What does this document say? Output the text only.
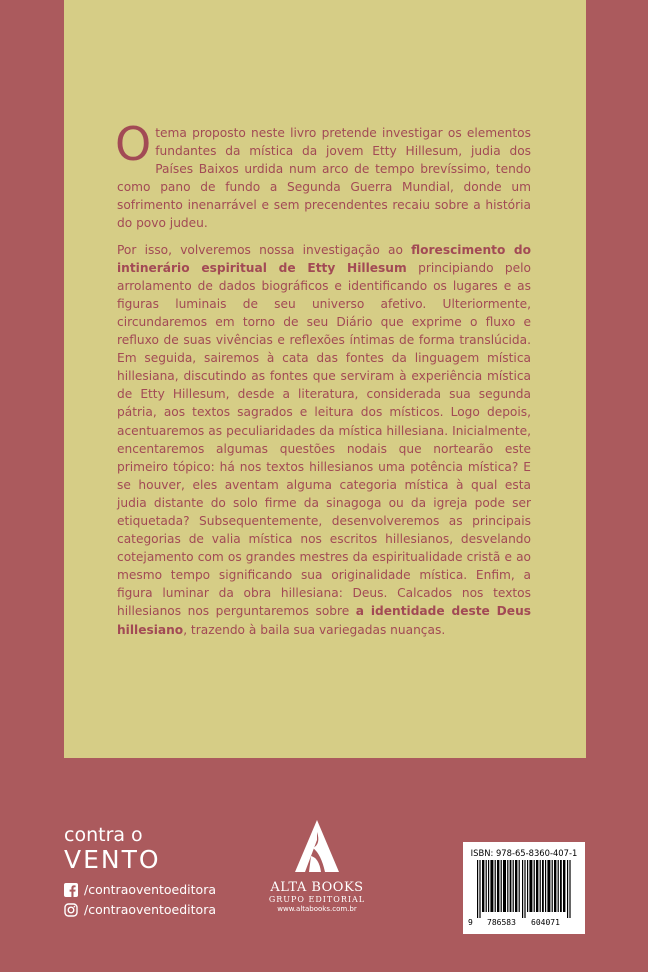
Otema proposto neste livro pretende investigar os elementos fundantes da mística da jovem Etty Hillesum, judia dos Países Baixos urdida num arco de tempo brevíssimo, tendo como pano de fundo a Segunda Guerra Mundial, donde um sofrimento inenarrável e sem precendentes recaiu sobre a história do povo judeu.

Por isso, volveremos nossa investigação ao florescimento do intinerário espiritual de Etty Hillesum principiando pelo arrolamento de dados biográficos e identificando os lugares e as figuras luminais de seu universo afetivo. Ulteriormente, circundaremos em torno de seu Diário que exprime o fluxo e refluxo de suas vivências e reflexões íntimas de forma translúcida. Em seguida, sairemos à cata das fontes da linguagem mística hillesiana, discutindo as fontes que serviram à experiência mística de Etty Hillesum, desde a literatura, considerada sua segunda pátria, aos textos sagrados e leitura dos místicos. Logo depois, acentuaremos as peculiaridades da mística hillesiana. Inicialmente, encentaremos algumas questões nodais que nortearão este primeiro tópico: há nos textos hillesianos uma potência mística? E se houver, eles aventam alguma categoria mística à qual esta judia distante do solo firme da sinagoga ou da igreja pode ser etiquetada? Subsequentemente, desenvolveremos as principais categorias de valia mística nos escritos hillesianos, desvelando cotejamento com os grandes mestres da espiritualidade cristã e ao mesmo tempo significando sua originalidade mística. Enfim, a figura luminar da obra hillesiana: Deus. Calcados nos textos hillesianos nos perguntaremos sobre a identidade deste Deus hillesiano, trazendo à baila sua variegadas nuanças.

contra o
VENTO
/contraoventoeditora
/contraoventoeditora
ALTA BOOKS
GRUPO EDITORIAL
www.altabooks.com.br
ISBN: 978-65-8360-407-1
9 786583 604071
